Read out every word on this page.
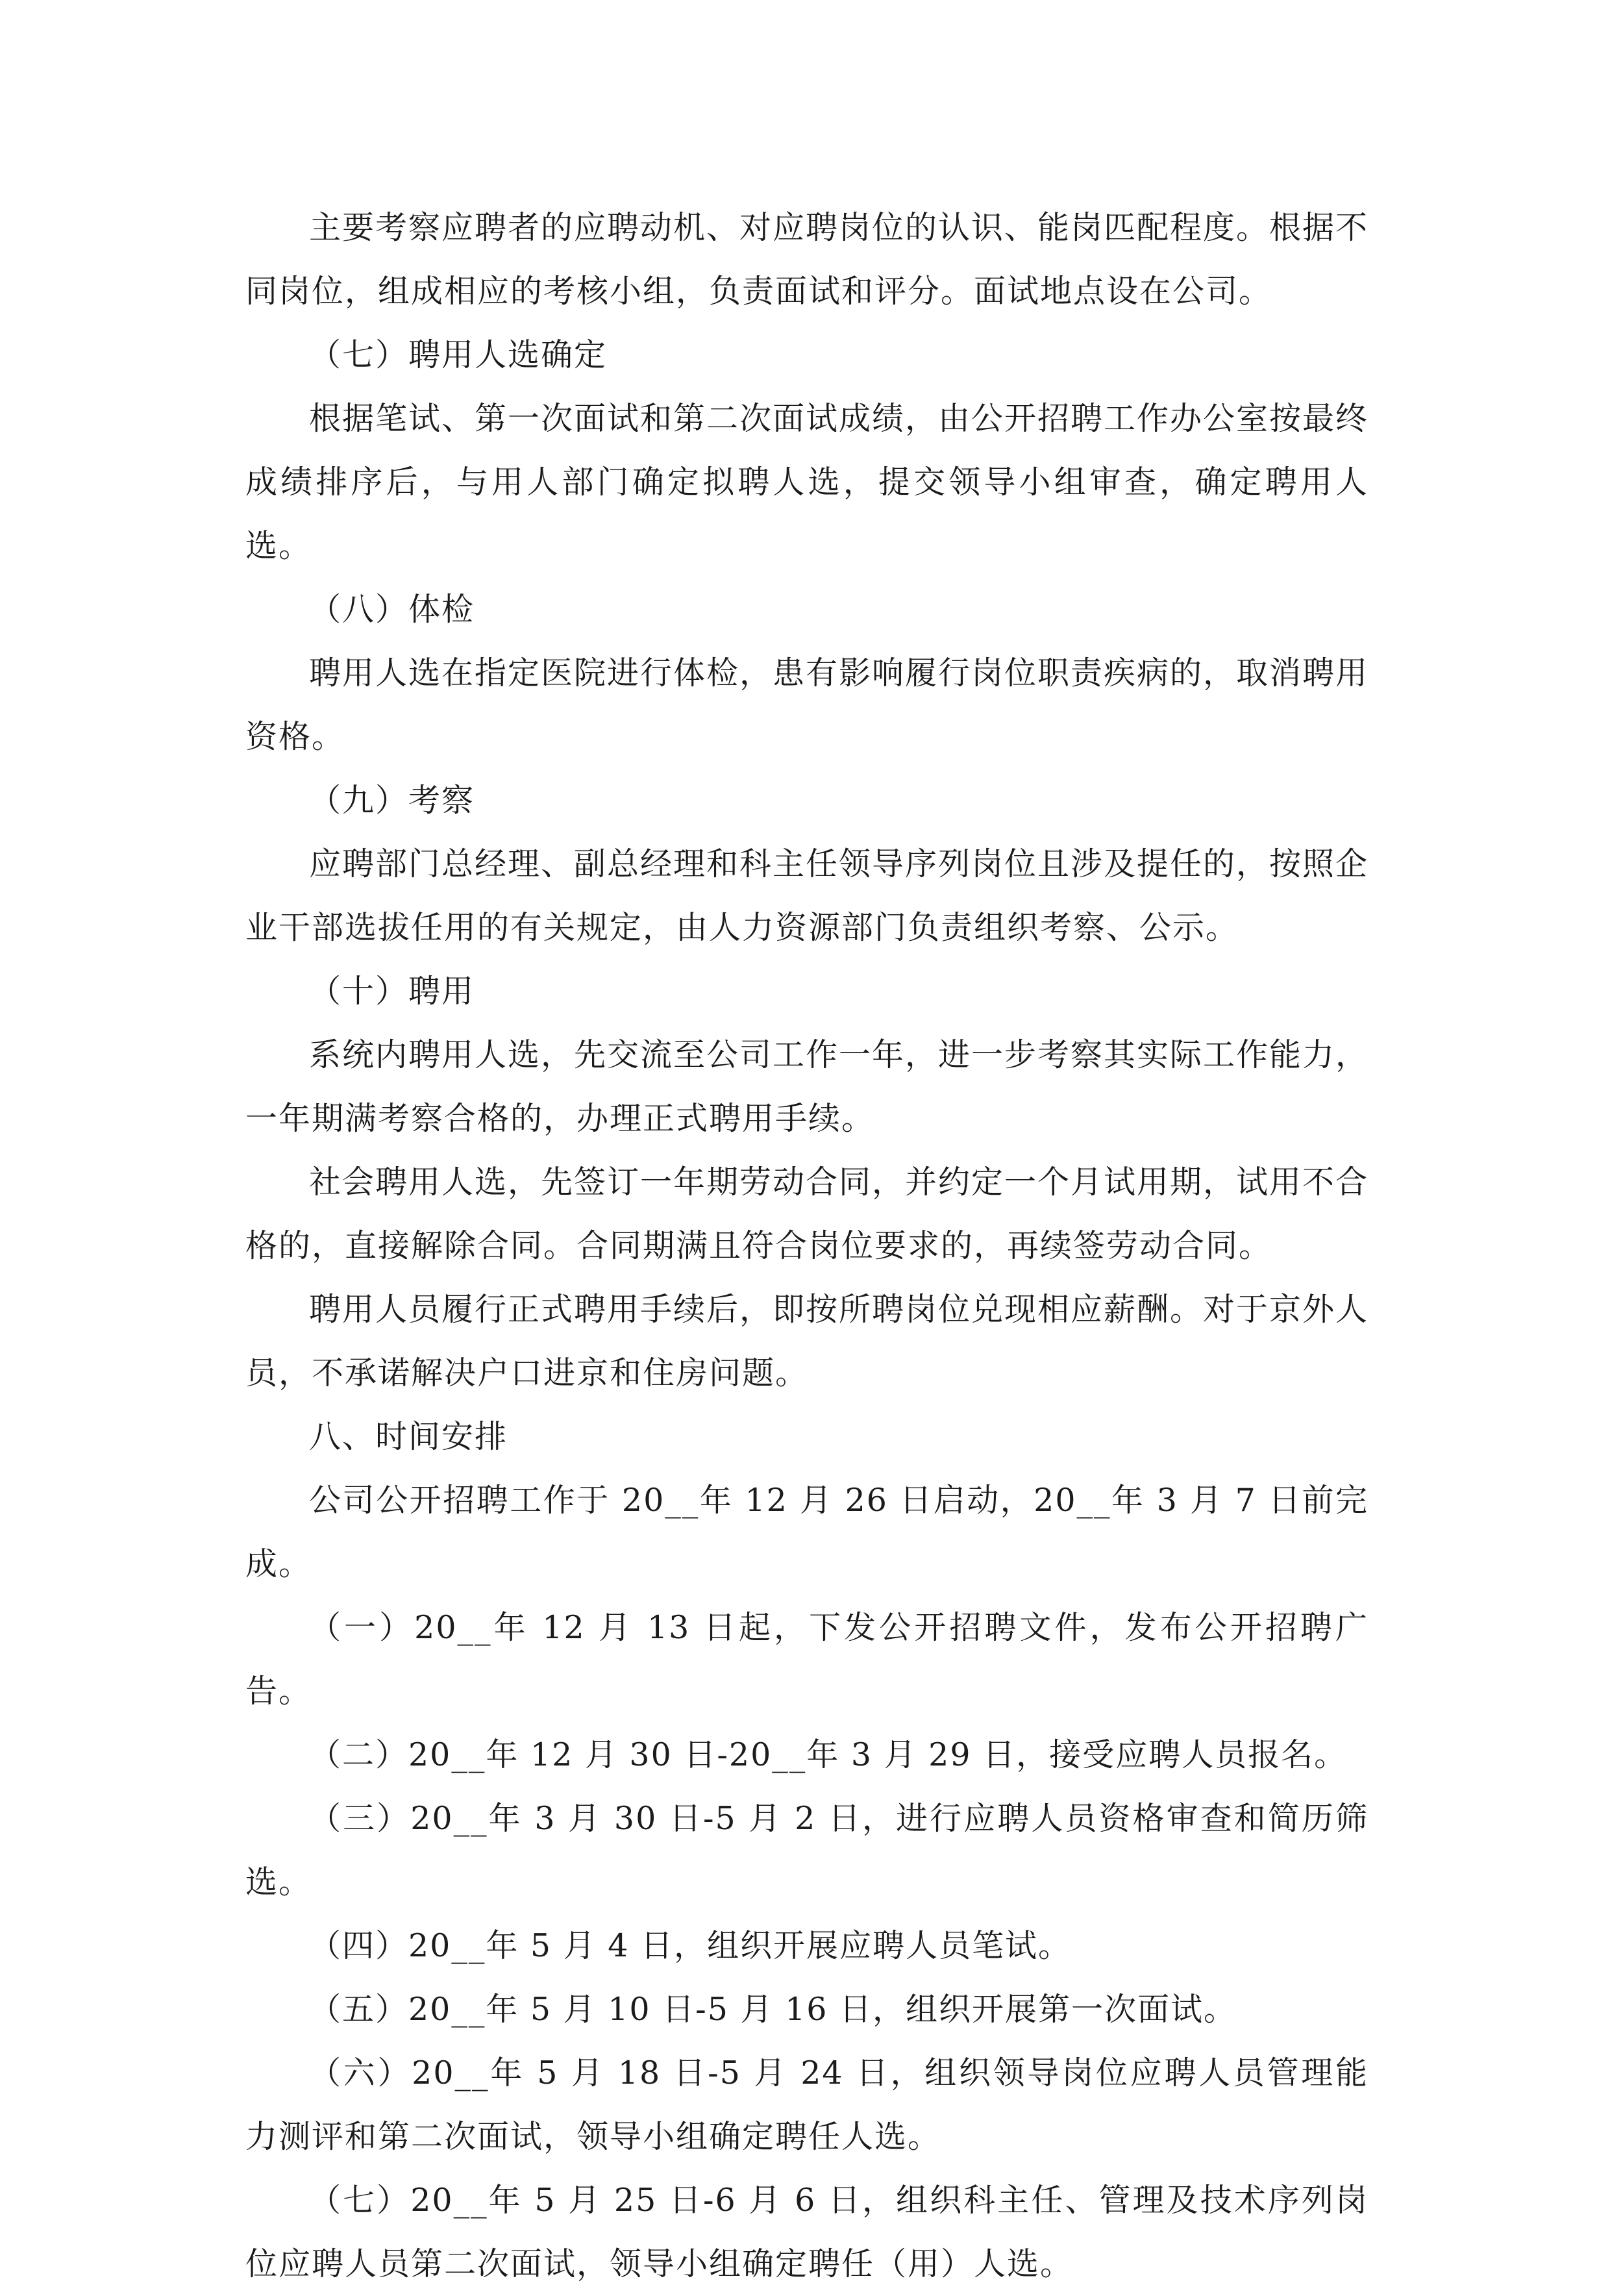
主要考察应聘者的应聘动机、对应聘岗位的认识、能岗匹配程度。根据不同岗位，组成相应的考核小组，负责面试和评分。面试地点设在公司。

（七）聘用人选确定

根据笔试、第一次面试和第二次面试成绩，由公开招聘工作办公室按最终成绩排序后，与用人部门确定拟聘人选，提交领导小组审查，确定聘用人选。

（八）体检

聘用人选在指定医院进行体检，患有影响履行岗位职责疾病的，取消聘用资格。

（九）考察

应聘部门总经理、副总经理和科主任领导序列岗位且涉及提任的，按照企业干部选拔任用的有关规定，由人力资源部门负责组织考察、公示。

（十）聘用

系统内聘用人选，先交流至公司工作一年，进一步考察其实际工作能力，一年期满考察合格的，办理正式聘用手续。

社会聘用人选，先签订一年期劳动合同，并约定一个月试用期，试用不合格的，直接解除合同。合同期满且符合岗位要求的，再续签劳动合同。

聘用人员履行正式聘用手续后，即按所聘岗位兑现相应薪酬。对于京外人员，不承诺解决户口进京和住房问题。

八、时间安排

公司公开招聘工作于 20__年 12 月 26 日启动，20__年 3 月 7 日前完成。

（一）20__年 12 月 13 日起，下发公开招聘文件，发布公开招聘广告。

（二）20__年 12 月 30 日-20__年 3 月 29 日，接受应聘人员报名。

（三）20__年 3 月 30 日-5 月 2 日，进行应聘人员资格审查和简历筛选。

（四）20__年 5 月 4 日，组织开展应聘人员笔试。

（五）20__年 5 月 10 日-5 月 16 日，组织开展第一次面试。

（六）20__年 5 月 18 日-5 月 24 日，组织领导岗位应聘人员管理能力测评和第二次面试，领导小组确定聘任人选。

（七）20__年 5 月 25 日-6 月 6 日，组织科主任、管理及技术序列岗位应聘人员第二次面试，领导小组确定聘任（用）人选。
